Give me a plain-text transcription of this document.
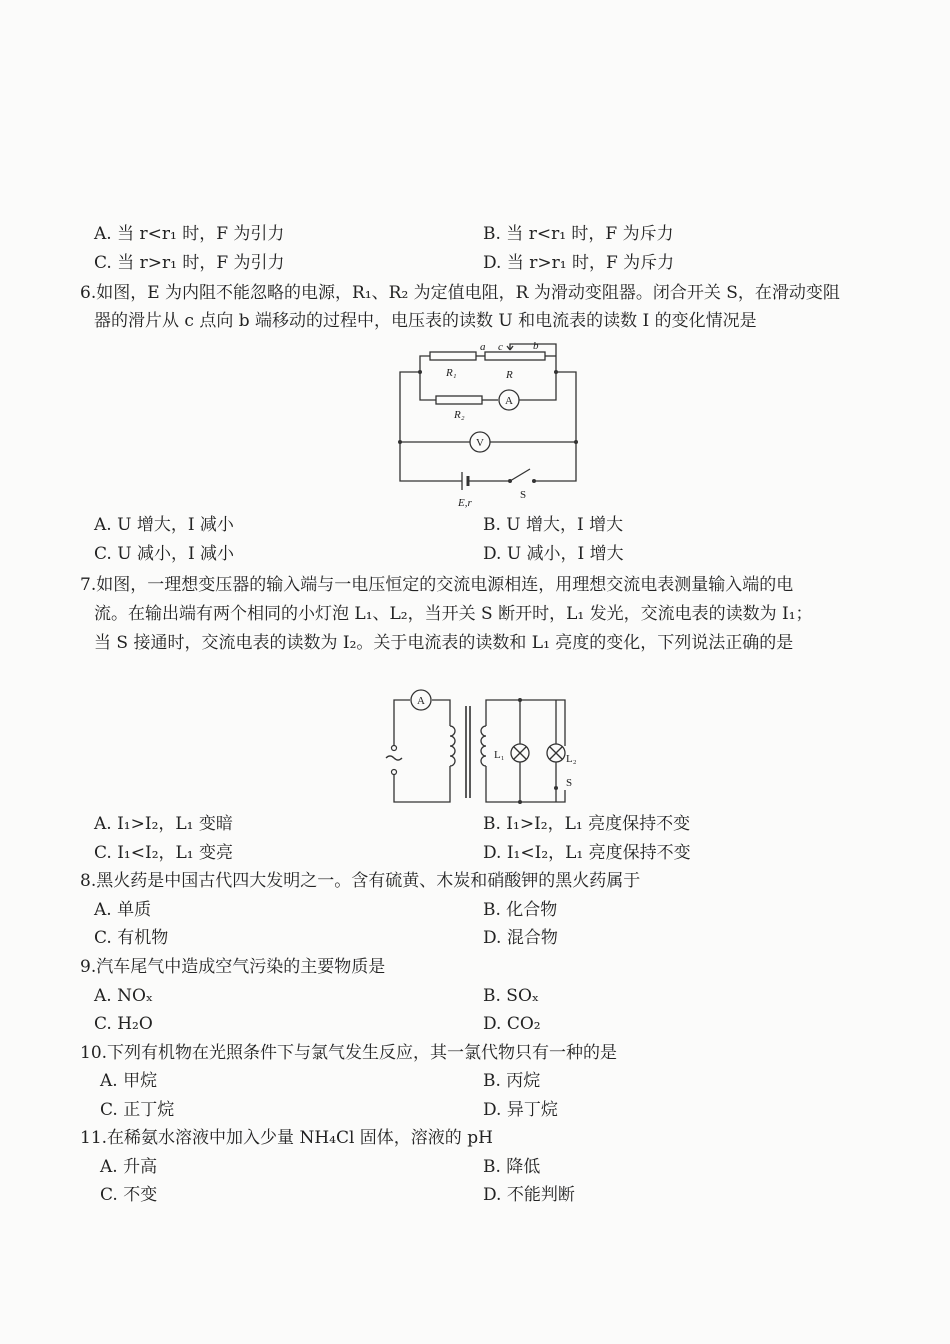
A. 当 r<r₁ 时，F 为引力	B. 当 r<r₁ 时，F 为斥力
C. 当 r>r₁ 时，F 为引力	D. 当 r>r₁ 时，F 为斥力
6.如图，E 为内阻不能忽略的电源，R₁、R₂ 为定值电阻，R 为滑动变阻器。闭合开关 S，在滑动变阻
器的滑片从 c 点向 b 端移动的过程中，电压表的读数 U 和电流表的读数 I 的变化情况是
a c	b
R₁	R
R₂
A
V
E,r
S
A. U 增大，I 减小	B. U 增大，I 增大
C. U 减小，I 减小	D. U 减小，I 增大
7.如图，一理想变压器的输入端与一电压恒定的交流电源相连，用理想交流电表测量输入端的电
流。在输出端有两个相同的小灯泡 L₁、L₂，当开关 S 断开时，L₁ 发光，交流电表的读数为 I₁；
当 S 接通时，交流电表的读数为 I₂。关于电流表的读数和 L₁ 亮度的变化，下列说法正确的是
A
L₁	L₂
S
A. I₁>I₂，L₁ 变暗	B. I₁>I₂，L₁ 亮度保持不变
C. I₁<I₂，L₁ 变亮	D. I₁<I₂，L₁ 亮度保持不变
8.黑火药是中国古代四大发明之一。含有硫黄、木炭和硝酸钾的黑火药属于
A. 单质	B. 化合物
C. 有机物	D. 混合物
9.汽车尾气中造成空气污染的主要物质是
A. NOₓ	B. SOₓ
C. H₂O	D. CO₂
10.下列有机物在光照条件下与氯气发生反应，其一氯代物只有一种的是
A. 甲烷	B. 丙烷
C. 正丁烷	D. 异丁烷
11.在稀氨水溶液中加入少量 NH₄Cl 固体，溶液的 pH
A. 升高	B. 降低
C. 不变	D. 不能判断
